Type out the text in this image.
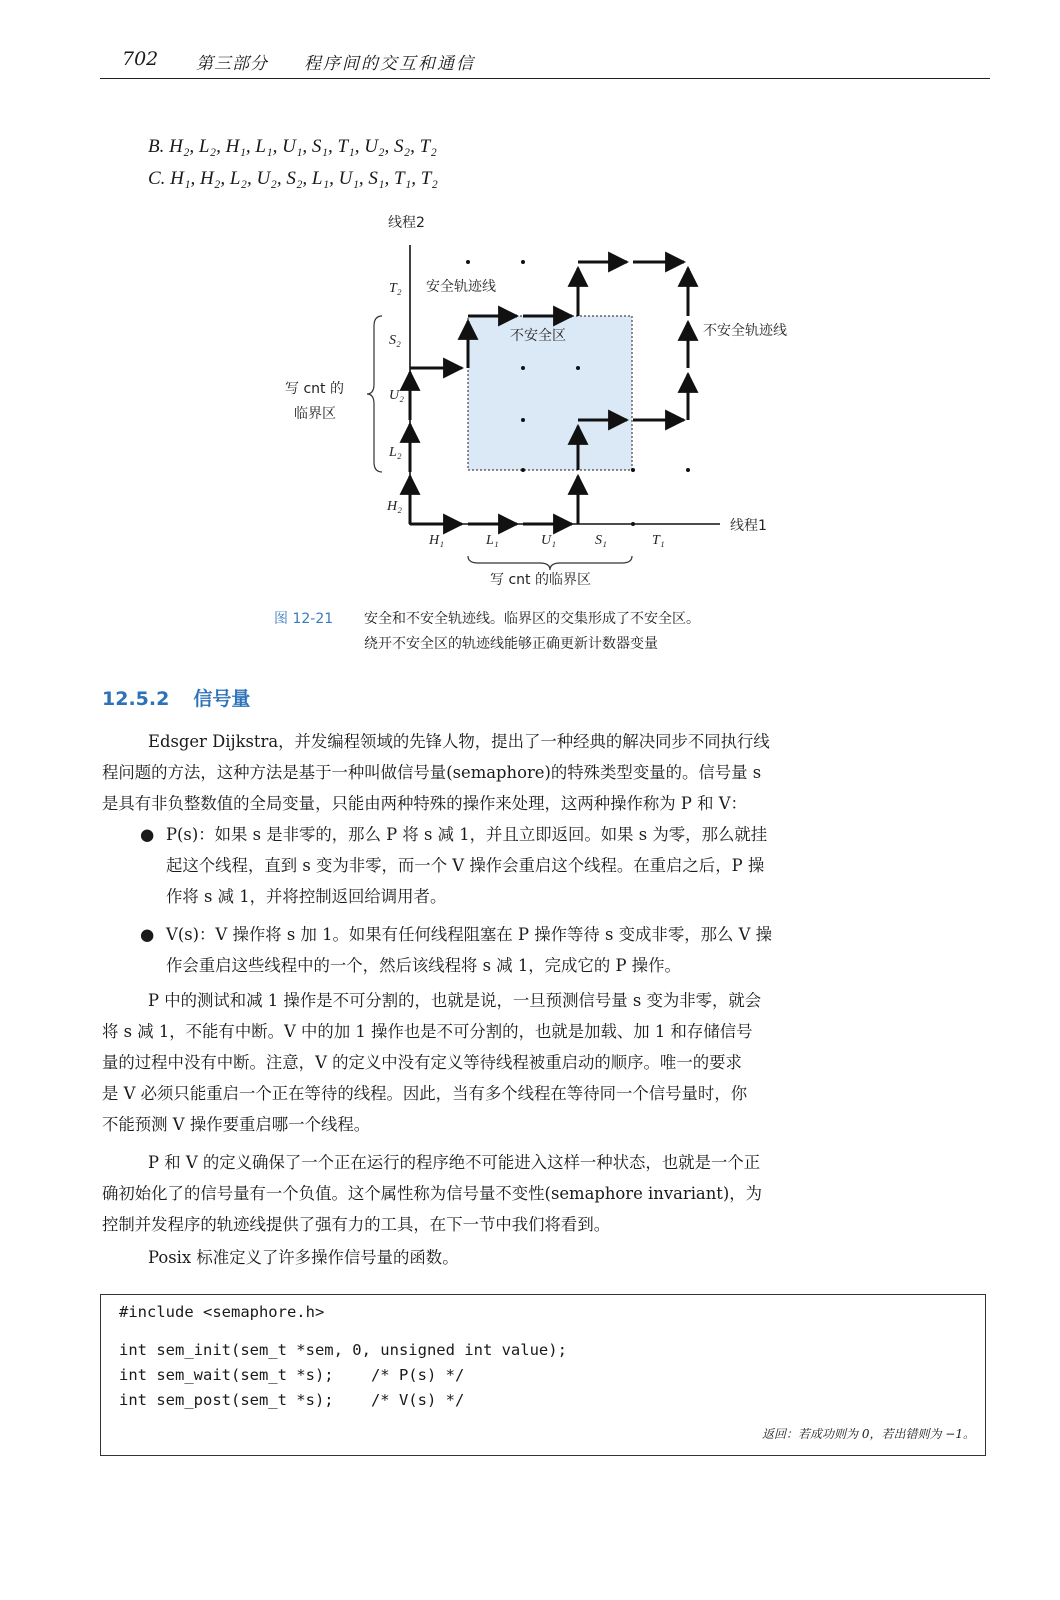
702 第三部分 程序间的交互和通信
B. H₂, L₂, H₁, L₁, U₁, S₁, T₁, U₂, S₂, T₂
C. H₁, H₂, L₂, U₂, S₂, L₁, U₁, S₁, T₁, T₂
线程2
线程1
T₂
S₂
U₂
L₂
H₂
H₁	L₁	U₁	S₁	T₁
安全轨迹线
不安全区	不安全轨迹线
写 cnt 的
临界区
写 cnt 的临界区
图 12-21 安全和不安全轨迹线。临界区的交集形成了不安全区。
绕开不安全区的轨迹线能够正确更新计数器变量
12.5.2 信号量
Edsger Dijkstra，并发编程领域的先锋人物，提出了一种经典的解决同步不同执行线
程问题的方法，这种方法是基于一种叫做信号量(semaphore)的特殊类型变量的。信号量 s
是具有非负整数值的全局变量，只能由两种特殊的操作来处理，这两种操作称为 P 和 V：
● P(s)：如果 s 是非零的，那么 P 将 s 减 1，并且立即返回。如果 s 为零，那么就挂
起这个线程，直到 s 变为非零，而一个 V 操作会重启这个线程。在重启之后，P 操
作将 s 减 1，并将控制返回给调用者。
● V(s)：V 操作将 s 加 1。如果有任何线程阻塞在 P 操作等待 s 变成非零，那么 V 操
作会重启这些线程中的一个，然后该线程将 s 减 1，完成它的 P 操作。
P 中的测试和减 1 操作是不可分割的，也就是说，一旦预测信号量 s 变为非零，就会
将 s 减 1，不能有中断。V 中的加 1 操作也是不可分割的，也就是加载、加 1 和存储信号
量的过程中没有中断。注意，V 的定义中没有定义等待线程被重启动的顺序。唯一的要求
是 V 必须只能重启一个正在等待的线程。因此，当有多个线程在等待同一个信号量时，你
不能预测 V 操作要重启哪一个线程。
P 和 V 的定义确保了一个正在运行的程序绝不可能进入这样一种状态，也就是一个正
确初始化了的信号量有一个负值。这个属性称为信号量不变性(semaphore invariant)，为
控制并发程序的轨迹线提供了强有力的工具，在下一节中我们将看到。
Posix 标准定义了许多操作信号量的函数。
#include <semaphore.h>
int sem_init(sem_t *sem, 0, unsigned int value);
int sem_wait(sem_t *s);    /* P(s) */
int sem_post(sem_t *s);    /* V(s) */
返回：若成功则为 0，若出错则为 −1。
